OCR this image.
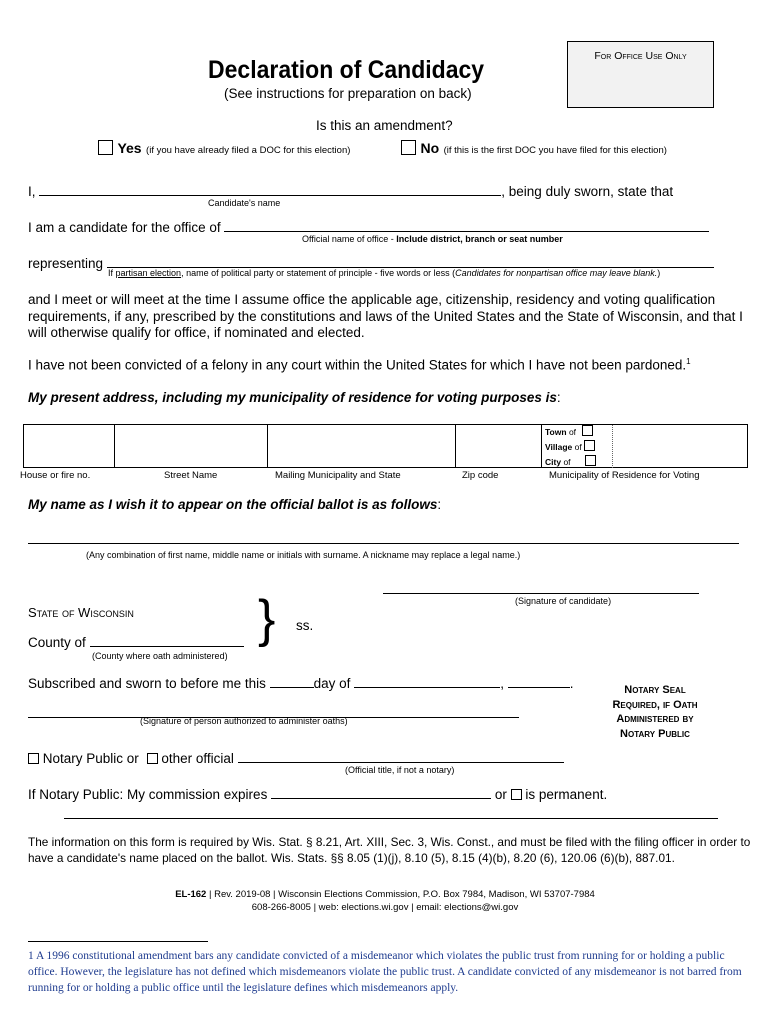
For Office Use Only
Declaration of Candidacy
(See instructions for preparation on back)
Is this an amendment?
Yes (if you have already filed a DOC for this election)	No (if this is the first DOC you have filed for this election)
I,	, being duly sworn, state that
Candidate's name
I am a candidate for the office of
Official name of office - Include district, branch or seat number
representing
If partisan election, name of political party or statement of principle - five words or less (Candidates for nonpartisan office may leave blank.)
and I meet or will meet at the time I assume office the applicable age, citizenship, residency and voting qualification requirements, if any, prescribed by the constitutions and laws of the United States and the State of Wisconsin, and that I will otherwise qualify for office, if nominated and elected.
I have not been convicted of a felony in any court within the United States for which I have not been pardoned.$^1$
My present address, including my municipality of residence for voting purposes is:
Town of
Village of
City of
House or fire no.	Street Name	Mailing Municipality and State	Zip code	Municipality of Residence for Voting
My name as I wish it to appear on the official ballot is as follows:
(Any combination of first name, middle name or initials with surname. A nickname may replace a legal name.)
(Signature of candidate)
State of Wisconsin
County of
(County where oath administered)
} ss.
Subscribed and sworn to before me this	day of	,	.
(Signature of person authorized to administer oaths)
Notary Seal
Required, if Oath
Administered by
Notary Public
Notary Public or other official
(Official title, if not a notary)
If Notary Public: My commission expires	or is permanent.
The information on this form is required by Wis. Stat. § 8.21, Art. XIII, Sec. 3, Wis. Const., and must be filed with the filing officer in order to have a candidate's name placed on the ballot. Wis. Stats. §§ 8.05 (1)(j), 8.10 (5), 8.15 (4)(b), 8.20 (6), 120.06 (6)(b), 887.01.
EL-162 | Rev. 2019-08 | Wisconsin Elections Commission, P.O. Box 7984, Madison, WI 53707-7984
608-266-8005 | web: elections.wi.gov | email: elections@wi.gov
1 A 1996 constitutional amendment bars any candidate convicted of a misdemeanor which violates the public trust from running for or holding a public office. However, the legislature has not defined which misdemeanors violate the public trust. A candidate convicted of any misdemeanor is not barred from running for or holding a public office until the legislature defines which misdemeanors apply.
